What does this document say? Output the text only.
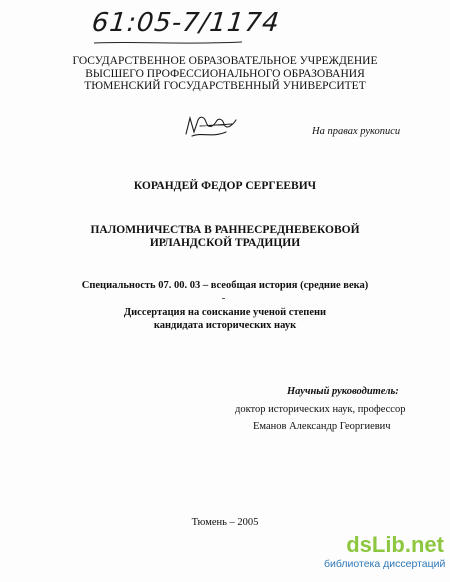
61:05-7/1174
ГОСУДАРСТВЕННОЕ ОБРАЗОВАТЕЛЬНОЕ УЧРЕЖДЕНИЕ
ВЫСШЕГО ПРОФЕССИОНАЛЬНОГО ОБРАЗОВАНИЯ
ТЮМЕНСКИЙ ГОСУДАРСТВЕННЫЙ УНИВЕРСИТЕТ
На правах рукописи
КОРАНДЕЙ ФЕДОР СЕРГЕЕВИЧ
ПАЛОМНИЧЕСТВА В РАННЕСРЕДНЕВЕКОВОЙ
ИРЛАНДСКОЙ ТРАДИЦИИ
Специальность 07. 00. 03 – всеобщая история (средние века)
Диссертация на соискание ученой степени
кандидата исторических наук
Научный руководитель:
доктор исторических наук, профессор
Еманов Александр Георгиевич
Тюмень – 2005
dsLib.net
библиотека диссертаций
